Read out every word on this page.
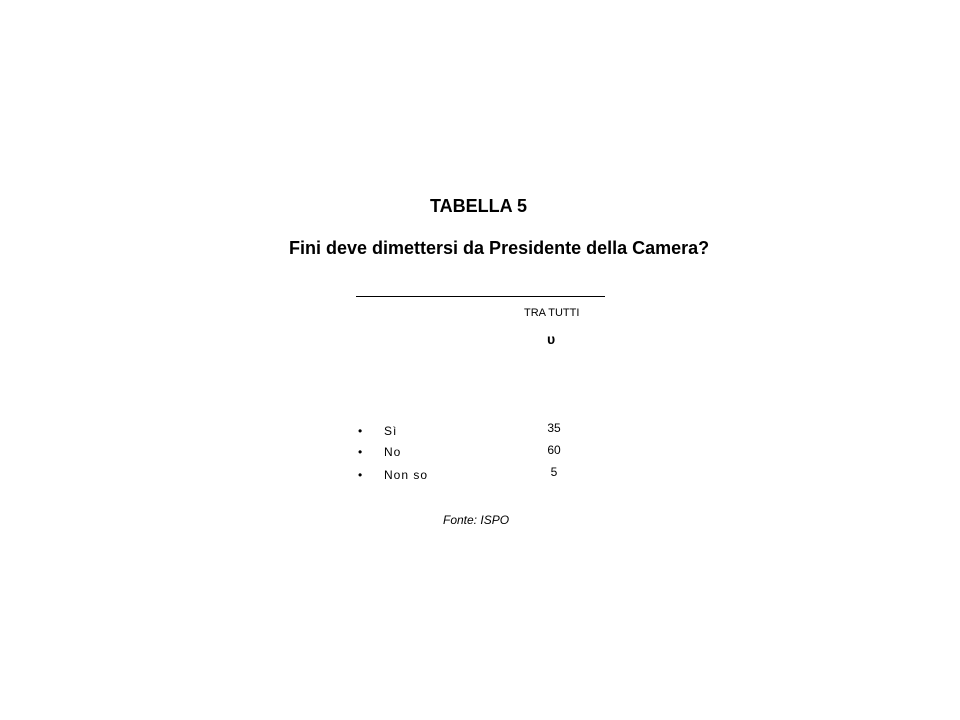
TABELLA 5
Fini deve dimettersi da Presidente della Camera?
TRA TUTTI
υ
• Sì	35
• No	60
• Non so	5
Fonte: ISPO
